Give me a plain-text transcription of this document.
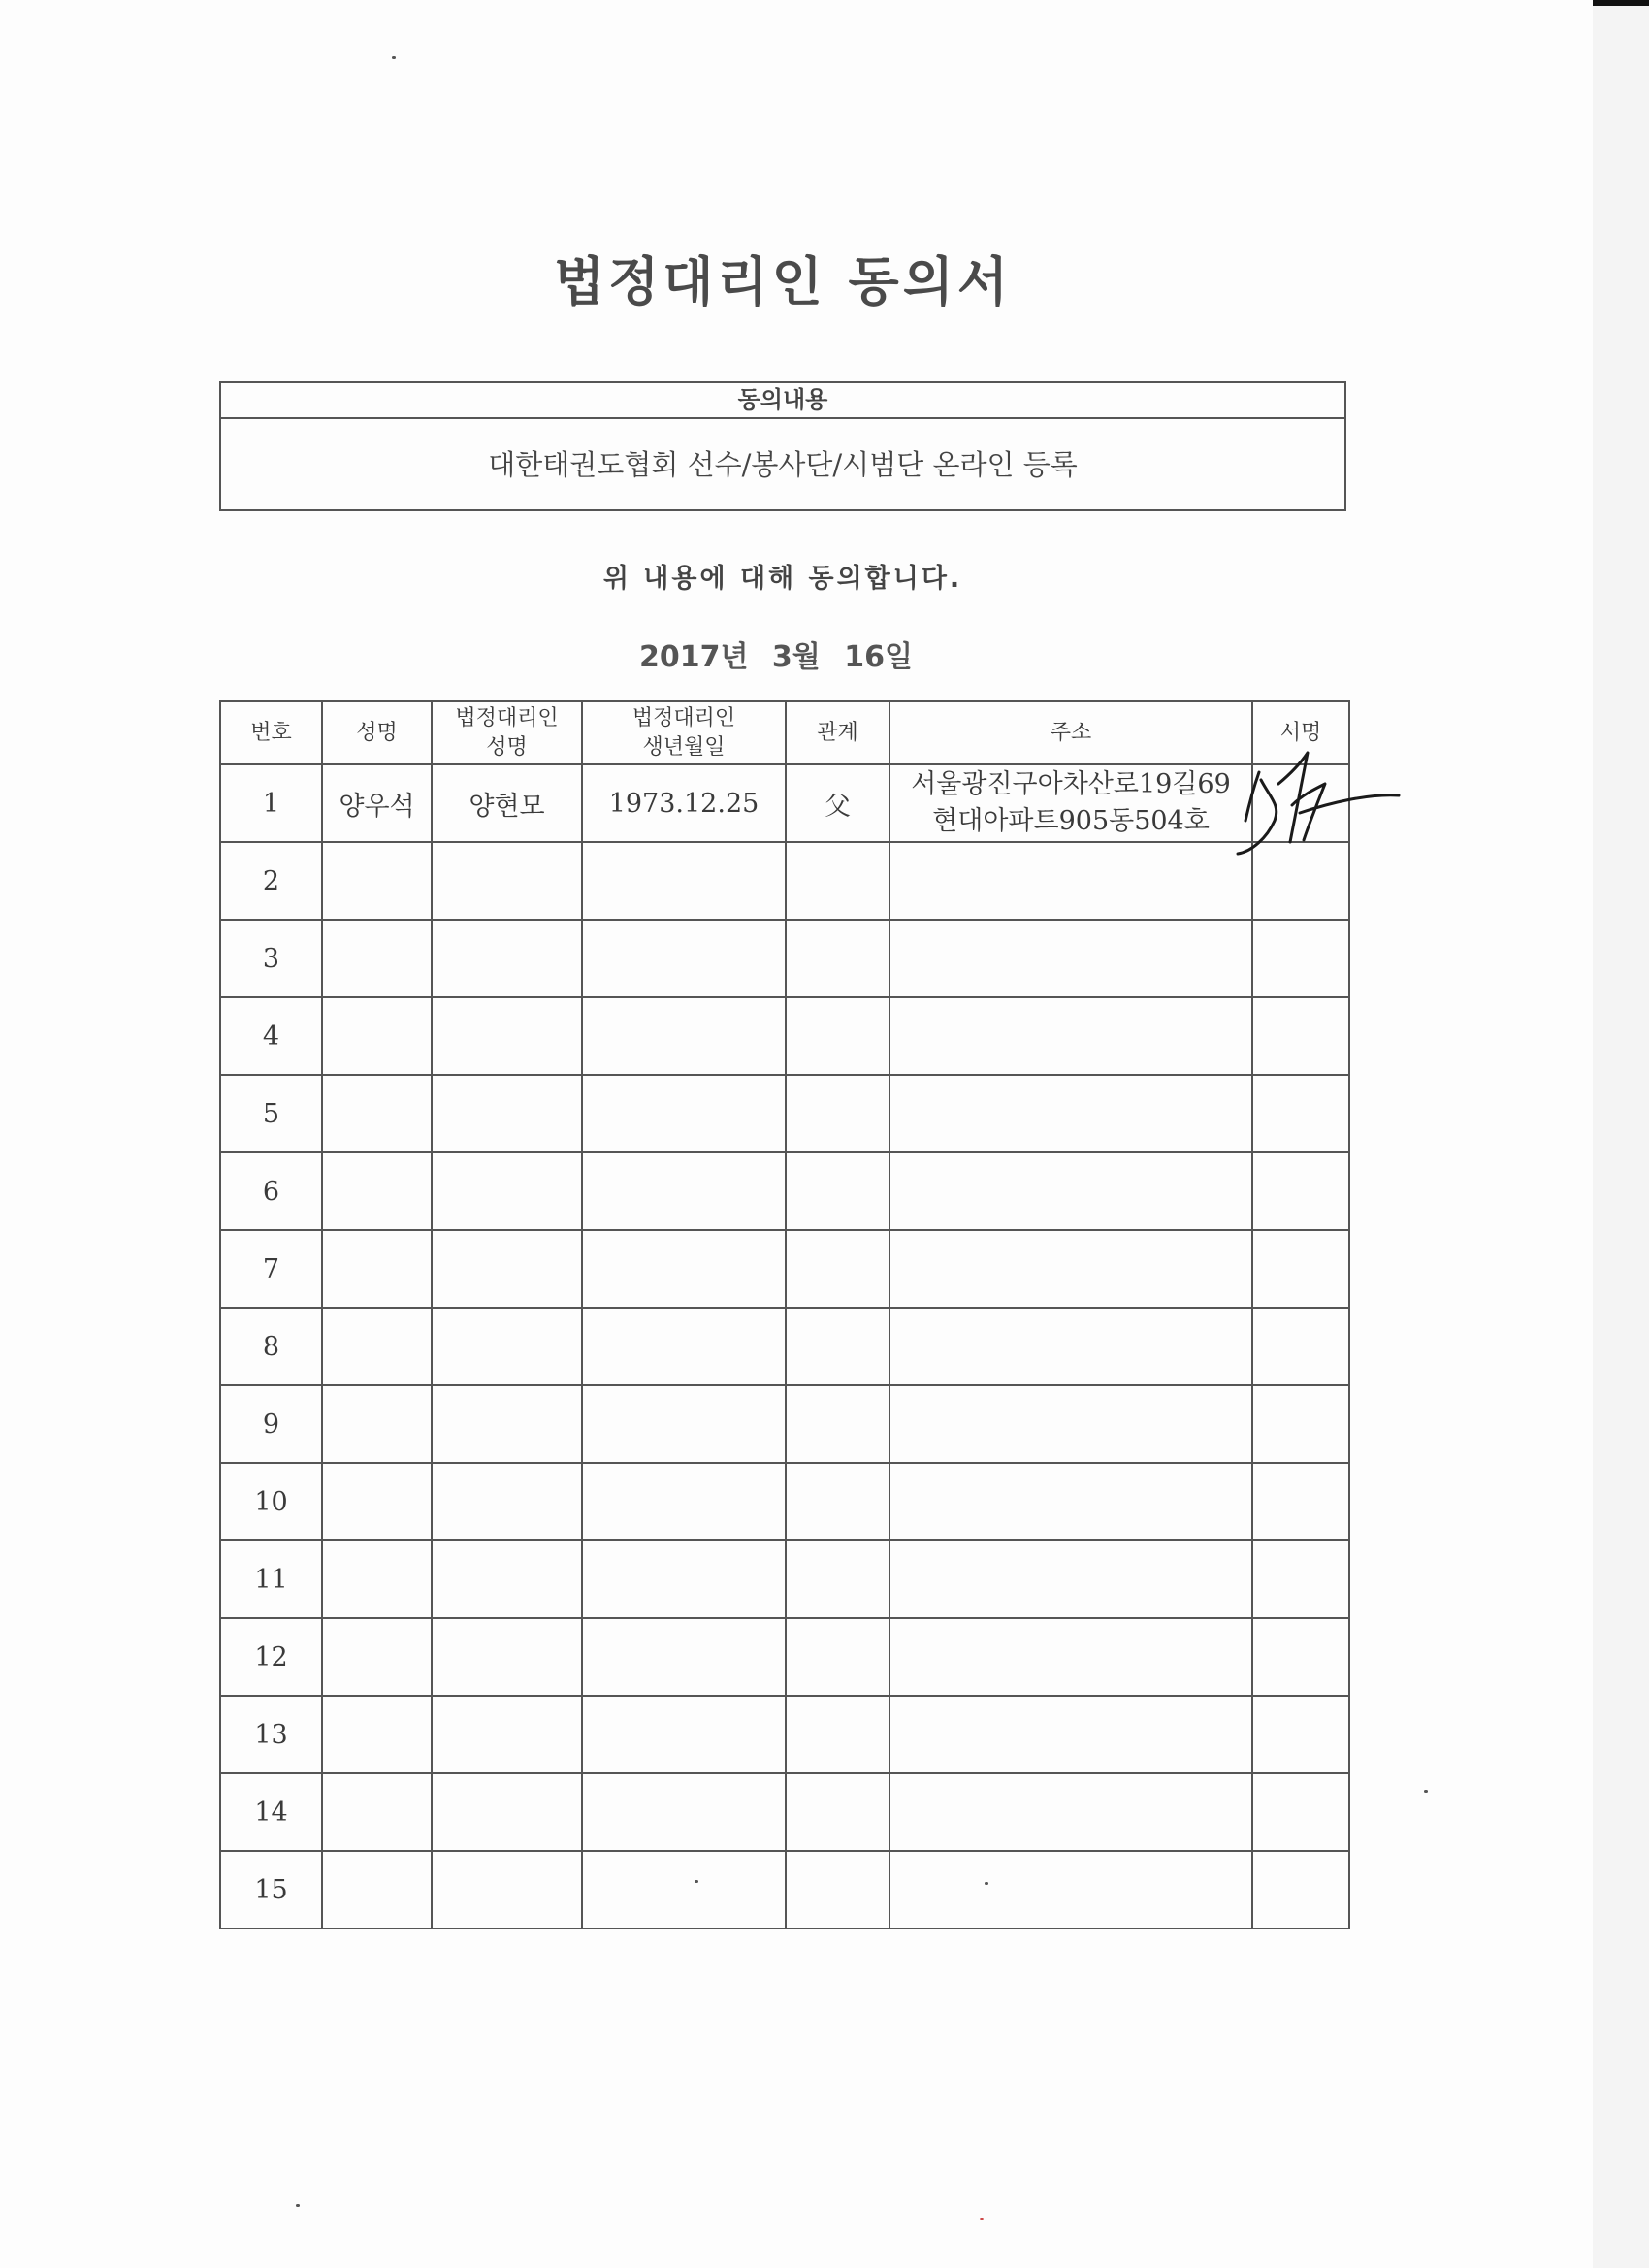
법정대리인 동의서
동의내용
대한태권도협회 선수/봉사단/시범단 온라인 등록
위 내용에 대해 동의합니다.
2017년 3월 16일
번호	성명	법정대리인 성명	법정대리인 생년월일	관계	주소	서명
1	양우석	양현모	1973.12.25	父	서울광진구아차산로19길69
현대아파트905동504호	

2					

3					

4					

5					

6					

7					

8					

9					

10					

11					

12					

13					

14					

15					
